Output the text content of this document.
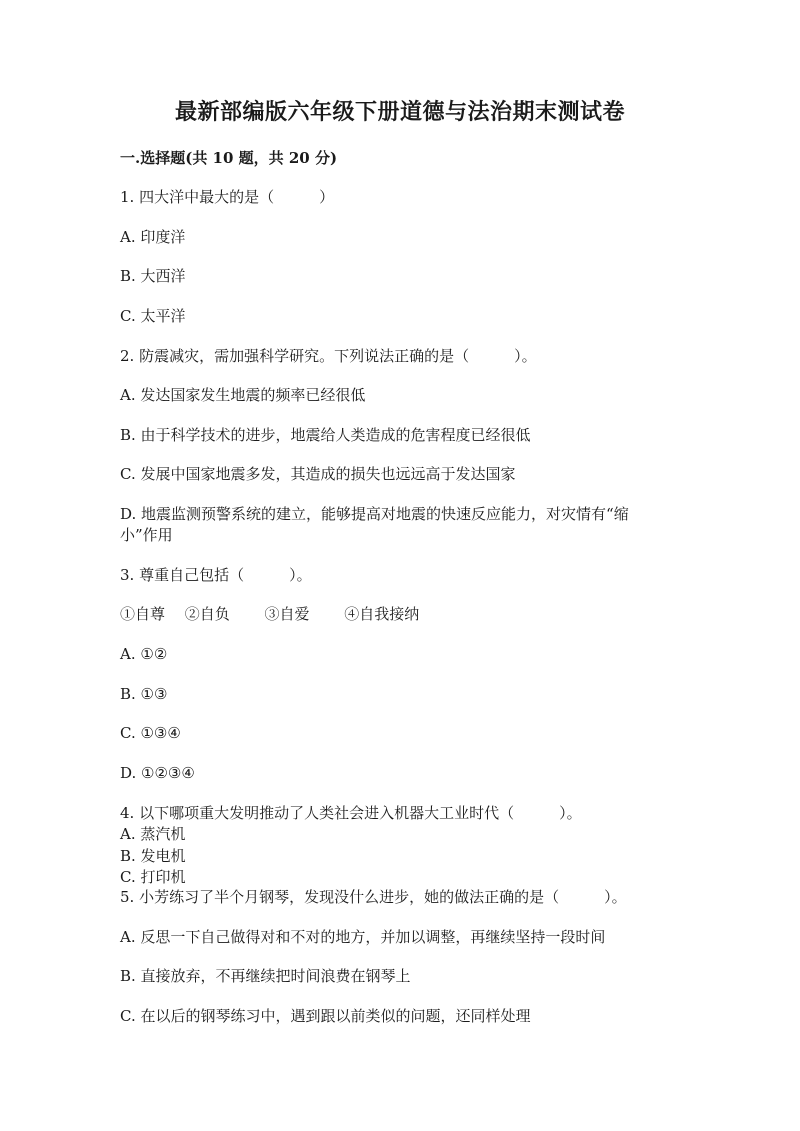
最新部编版六年级下册道德与法治期末测试卷
一.选择题(共 10 题，共 20 分)
1. 四大洋中最大的是（　　　）
A. 印度洋
B. 大西洋
C. 太平洋
2. 防震减灾，需加强科学研究。下列说法正确的是（　　　）。
A. 发达国家发生地震的频率已经很低
B. 由于科学技术的进步，地震给人类造成的危害程度已经很低
C. 发展中国家地震多发，其造成的损失也远远高于发达国家
D. 地震监测预警系统的建立，能够提高对地震的快速反应能力，对灾情有“缩
小”作用
3. 尊重自己包括（　　　）。
①自尊　 ②自负　　 ③自爱　　 ④自我接纳
A. ①②
B. ①③
C. ①③④
D. ①②③④
4. 以下哪项重大发明推动了人类社会进入机器大工业时代（　　　）。
A. 蒸汽机
B. 发电机
C. 打印机
5. 小芳练习了半个月钢琴，发现没什么进步，她的做法正确的是（　　　）。
A. 反思一下自己做得对和不对的地方，并加以调整，再继续坚持一段时间
B. 直接放弃，不再继续把时间浪费在钢琴上
C. 在以后的钢琴练习中，遇到跟以前类似的问题，还同样处理
